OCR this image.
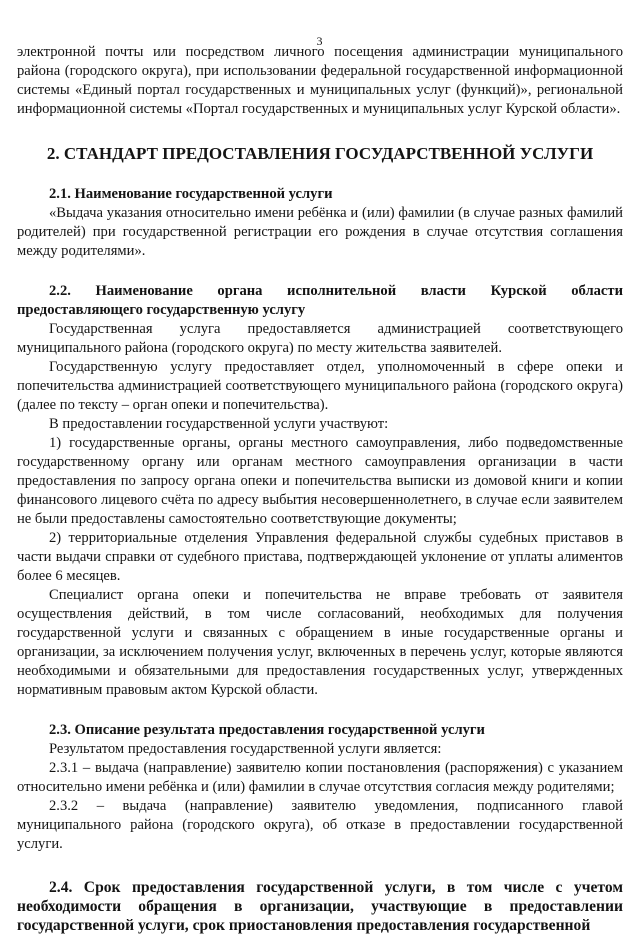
3

электронной почты или посредством личного посещения администрации муниципального района (городского округа), при использовании федеральной государственной информационной системы «Единый портал государственных и муниципальных услуг (функций)», региональной информационной системы «Портал государственных и муниципальных услуг Курской области».

2. СТАНДАРТ ПРЕДОСТАВЛЕНИЯ ГОСУДАРСТВЕННОЙ УСЛУГИ

2.1. Наименование государственной услуги

«Выдача указания относительно имени ребёнка и (или) фамилии (в случае разных фамилий родителей) при государственной регистрации его рождения в случае отсутствия соглашения между родителями».

2.2. Наименование органа исполнительной власти Курской области предоставляющего государственную услугу

Государственная услуга предоставляется администрацией соответствующего муниципального района (городского округа) по месту жительства заявителей.

Государственную услугу предоставляет отдел, уполномоченный в сфере опеки и попечительства администрацией соответствующего муниципального района (городского округа) (далее по тексту – орган опеки и попечительства).

В предоставлении государственной услуги участвуют:

1) государственные органы, органы местного самоуправления, либо подведомственные государственному органу или органам местного самоуправления организации в части предоставления по запросу органа опеки и попечительства выписки из домовой книги и копии финансового лицевого счёта по адресу выбытия несовершеннолетнего, в случае если заявителем не были предоставлены самостоятельно соответствующие документы;

2) территориальные отделения Управления федеральной службы судебных приставов в части выдачи справки от судебного пристава, подтверждающей уклонение от уплаты алиментов более 6 месяцев.

Специалист органа опеки и попечительства не вправе требовать от заявителя осуществления действий, в том числе согласований, необходимых для получения государственной услуги и связанных с обращением в иные государственные органы и организации, за исключением получения услуг, включенных в перечень услуг, которые являются необходимыми и обязательными для предоставления государственных услуг, утвержденных нормативным правовым актом Курской области.

2.3. Описание результата предоставления государственной услуги

Результатом предоставления государственной услуги является:

2.3.1 – выдача (направление) заявителю копии постановления (распоряжения) с указанием относительно имени ребёнка и (или) фамилии в случае отсутствия согласия между родителями;

2.3.2 – выдача (направление) заявителю уведомления, подписанного главой муниципального района (городского округа), об отказе в предоставлении государственной услуги.

2.4. Срок предоставления государственной услуги, в том числе с учетом необходимости обращения в организации, участвующие в предоставлении государственной услуги, срок приостановления предоставления государственной
